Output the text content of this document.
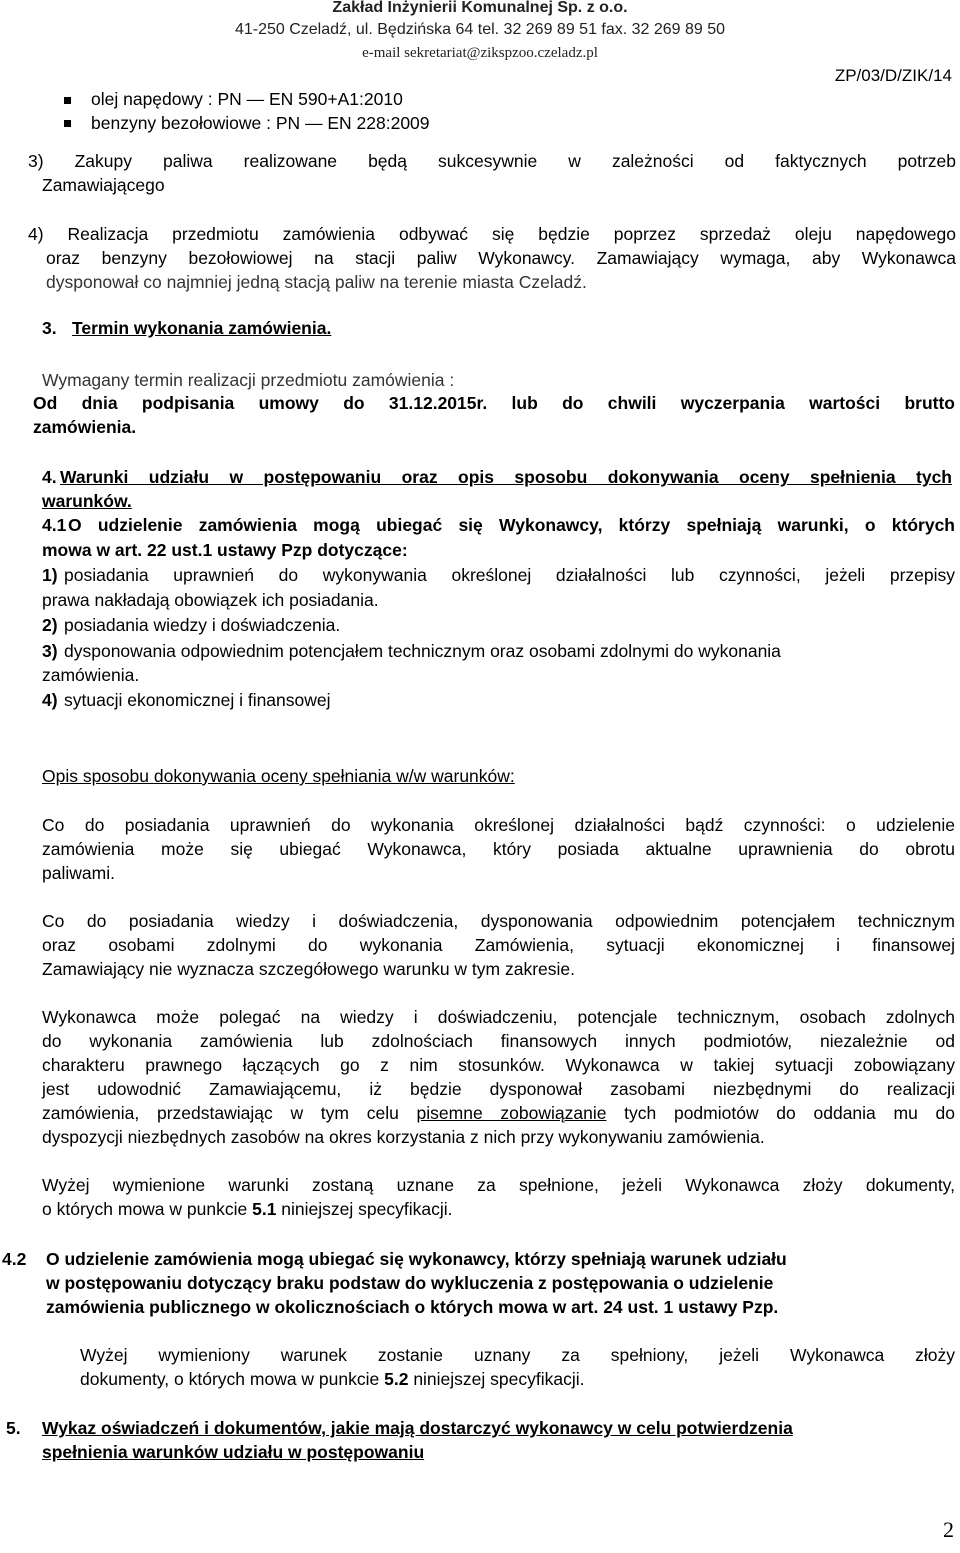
Zakład Inżynierii Komunalnej Sp. z o.o.
41-250 Czeladź, ul. Będzińska 64 tel. 32 269 89 51 fax. 32 269 89 50
e-mail sekretariat@zikspzoo.czeladz.pl
ZP/03/D/ZIK/14
olej napędowy : PN — EN 590+A1:2010
benzyny bezołowiowe : PN — EN 228:2009
3) Zakupy paliwa realizowane będą sukcesywnie w zależności od faktycznych potrzeb
Zamawiającego
4) Realizacja przedmiotu zamówienia odbywać się będzie poprzez sprzedaż oleju napędowego
oraz benzyny bezołowiowej na stacji paliw Wykonawcy. Zamawiający wymaga, aby Wykonawca
dysponował co najmniej jedną stacją paliw na terenie miasta Czeladź.
3. Termin wykonania zamówienia.
Wymagany termin realizacji przedmiotu zamówienia :
Od dnia podpisania umowy do 31.12.2015r. lub do chwili wyczerpania wartości brutto
zamówienia.
4. Warunki udziału w postępowaniu oraz opis sposobu dokonywania oceny spełnienia tych
warunków.
4.1 O udzielenie zamówienia mogą ubiegać się Wykonawcy, którzy spełniają warunki, o których
mowa w art. 22 ust.1 ustawy Pzp dotyczące:
1) posiadania uprawnień do wykonywania określonej działalności lub czynności, jeżeli przepisy
prawa nakładają obowiązek ich posiadania.
2) posiadania wiedzy i doświadczenia.
3) dysponowania odpowiednim potencjałem technicznym oraz osobami zdolnymi do wykonania
zamówienia.
4) sytuacji ekonomicznej i finansowej
Opis sposobu dokonywania oceny spełniania w/w warunków:
Co do posiadania uprawnień do wykonania określonej działalności bądź czynności: o udzielenie
zamówienia może się ubiegać Wykonawca, który posiada aktualne uprawnienia do obrotu
paliwami.
Co do posiadania wiedzy i doświadczenia, dysponowania odpowiednim potencjałem technicznym
oraz osobami zdolnymi do wykonania Zamówienia, sytuacji ekonomicznej i finansowej
Zamawiający nie wyznacza szczegółowego warunku w tym zakresie.
Wykonawca może polegać na wiedzy i doświadczeniu, potencjale technicznym, osobach zdolnych
do wykonania zamówienia lub zdolnościach finansowych innych podmiotów, niezależnie od
charakteru prawnego łączących go z nim stosunków. Wykonawca w takiej sytuacji zobowiązany
jest udowodnić Zamawiającemu, iż będzie dysponował zasobami niezbędnymi do realizacji
zamówienia, przedstawiając w tym celu pisemne zobowiązanie tych podmiotów do oddania mu do
dyspozycji niezbędnych zasobów na okres korzystania z nich przy wykonywaniu zamówienia.
Wyżej wymienione warunki zostaną uznane za spełnione, jeżeli Wykonawca złoży dokumenty,
o których mowa w punkcie 5.1 niniejszej specyfikacji.
4.2 O udzielenie zamówienia mogą ubiegać się wykonawcy, którzy spełniają warunek udziału
w postępowaniu dotyczący braku podstaw do wykluczenia z postępowania o udzielenie
zamówienia publicznego w okolicznościach o których mowa w art. 24 ust. 1 ustawy Pzp.
Wyżej wymieniony warunek zostanie uznany za spełniony, jeżeli Wykonawca złoży
dokumenty, o których mowa w punkcie 5.2 niniejszej specyfikacji.
5. Wykaz oświadczeń i dokumentów, jakie mają dostarczyć wykonawcy w celu potwierdzenia
spełnienia warunków udziału w postępowaniu
2
